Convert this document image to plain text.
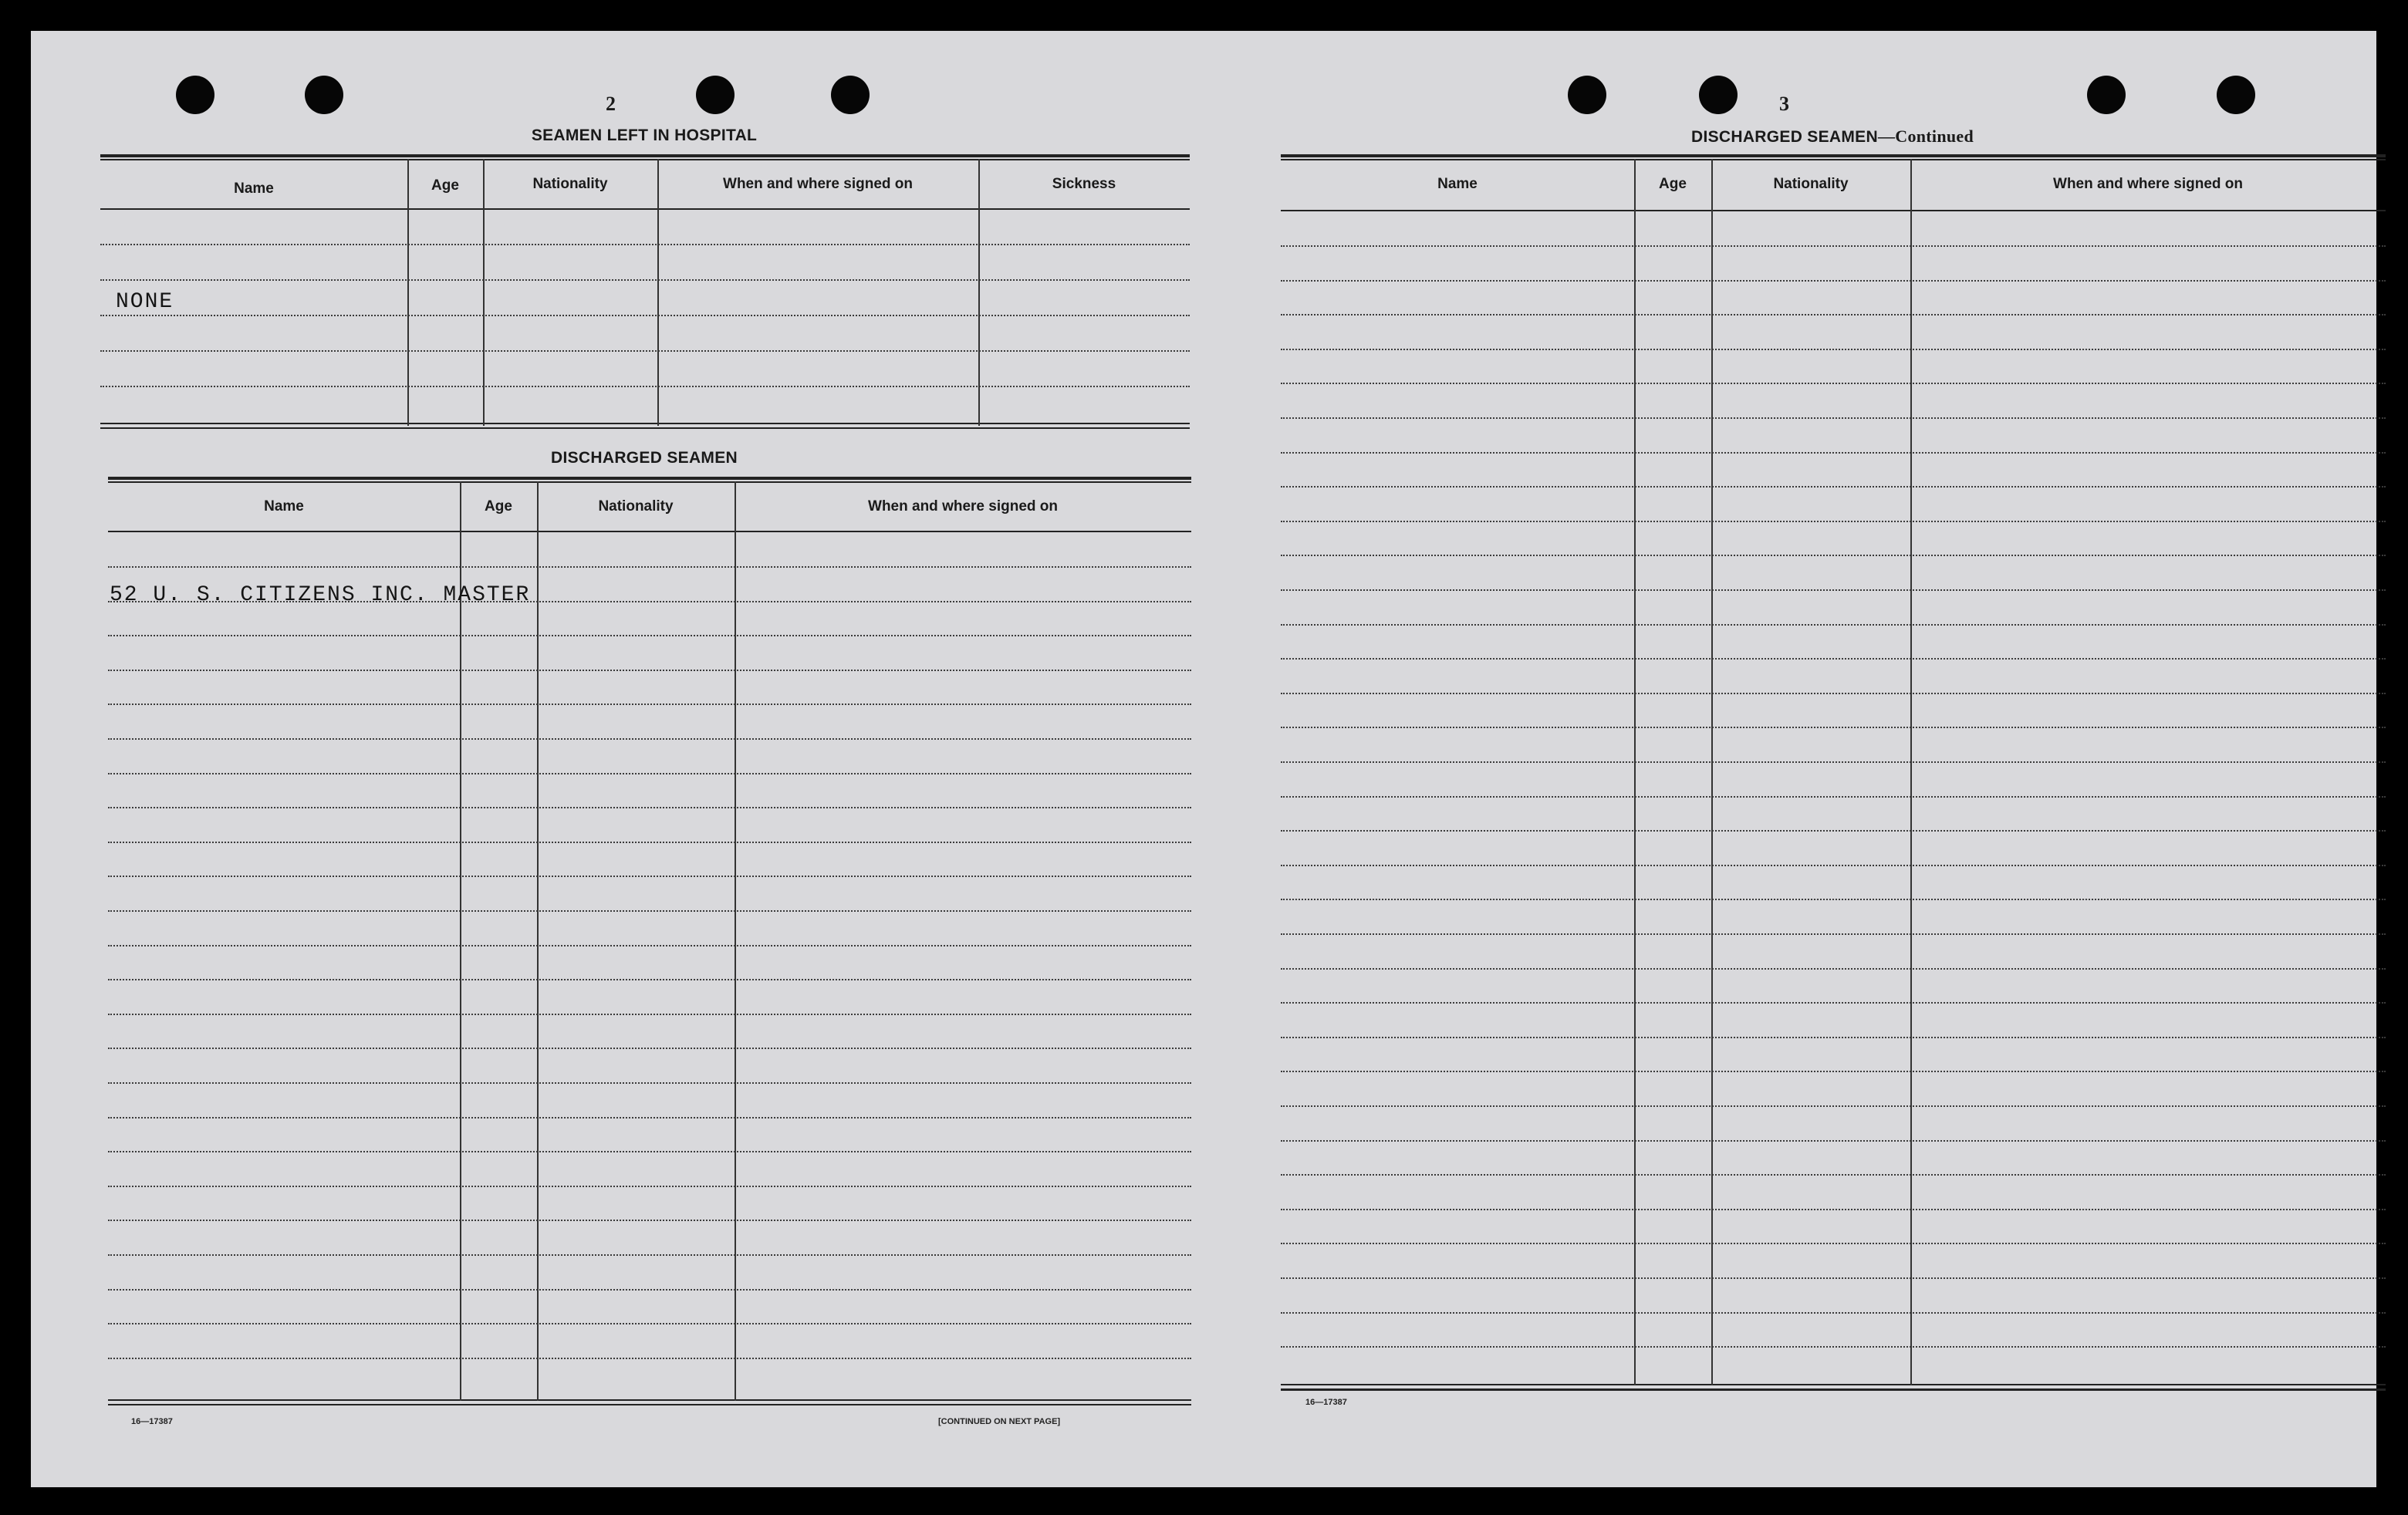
2
SEAMEN LEFT IN HOSPITAL
Name	Age	Nationality	When and where signed on	Sickness
NONE
DISCHARGED SEAMEN
Name	Age	Nationality	When and where signed on
52 U. S. CITIZENS INC. MASTER
16—17387	[CONTINUED ON NEXT PAGE]
3
DISCHARGED SEAMEN—Continued
Name	Age	Nationality	When and where signed on
16—17387
